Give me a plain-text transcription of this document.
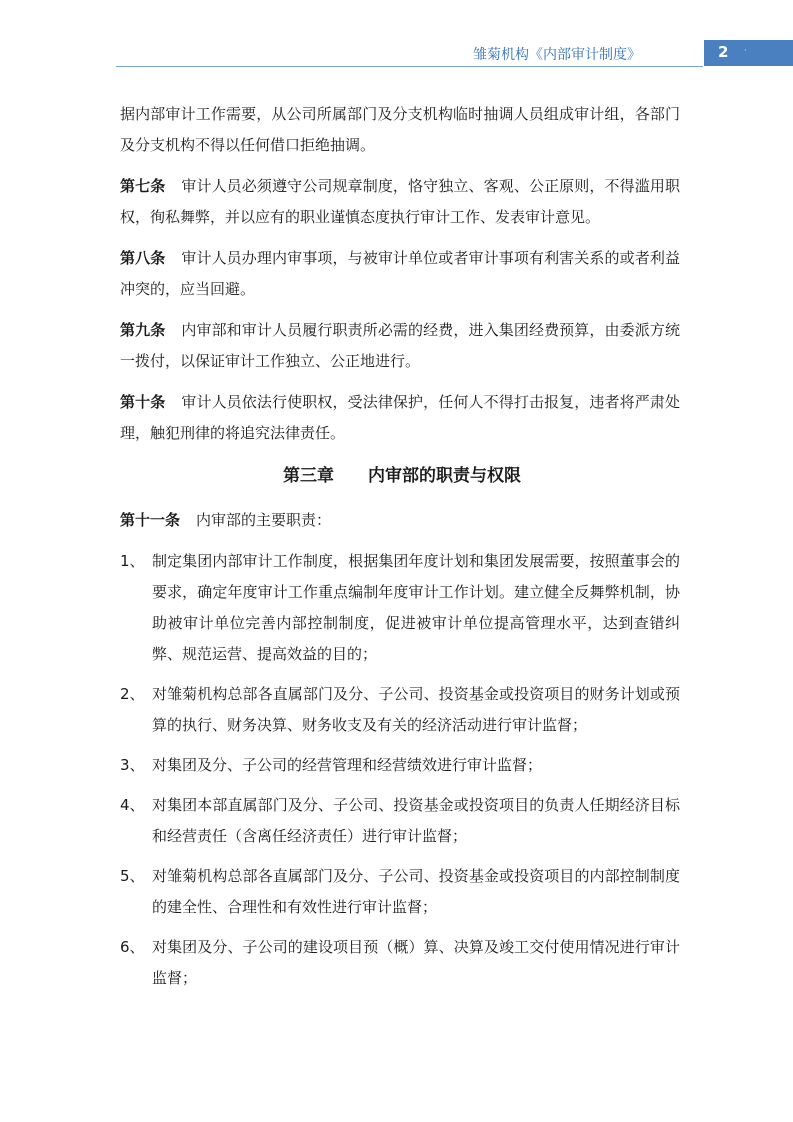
雏菊机构《内部审计制度》	2 ·

据内部审计工作需要，从公司所属部门及分支机构临时抽调人员组成审计组，各部门及分支机构不得以任何借口拒绝抽调。

第七条 审计人员必须遵守公司规章制度，恪守独立、客观、公正原则，不得滥用职权，徇私舞弊，并以应有的职业谨慎态度执行审计工作、发表审计意见。

第八条 审计人员办理内审事项，与被审计单位或者审计事项有利害关系的或者利益冲突的，应当回避。

第九条 内审部和审计人员履行职责所必需的经费，进入集团经费预算，由委派方统一拨付，以保证审计工作独立、公正地进行。

第十条 审计人员依法行使职权，受法律保护，任何人不得打击报复，违者将严肃处理，触犯刑律的将追究法律责任。

第三章 内审部的职责与权限

第十一条 内审部的主要职责：

1、 制定集团内部审计工作制度，根据集团年度计划和集团发展需要，按照董事会的要求，确定年度审计工作重点编制年度审计工作计划。建立健全反舞弊机制，协助被审计单位完善内部控制制度，促进被审计单位提高管理水平，达到查错纠弊、规范运营、提高效益的目的；
2、 对雏菊机构总部各直属部门及分、子公司、投资基金或投资项目的财务计划或预算的执行、财务决算、财务收支及有关的经济活动进行审计监督；
3、 对集团及分、子公司的经营管理和经营绩效进行审计监督；
4、 对集团本部直属部门及分、子公司、投资基金或投资项目的负责人任期经济目标和经营责任（含离任经济责任）进行审计监督；
5、 对雏菊机构总部各直属部门及分、子公司、投资基金或投资项目的内部控制制度的建全性、合理性和有效性进行审计监督；
6、 对集团及分、子公司的建设项目预（概）算、决算及竣工交付使用情况进行审计监督；
